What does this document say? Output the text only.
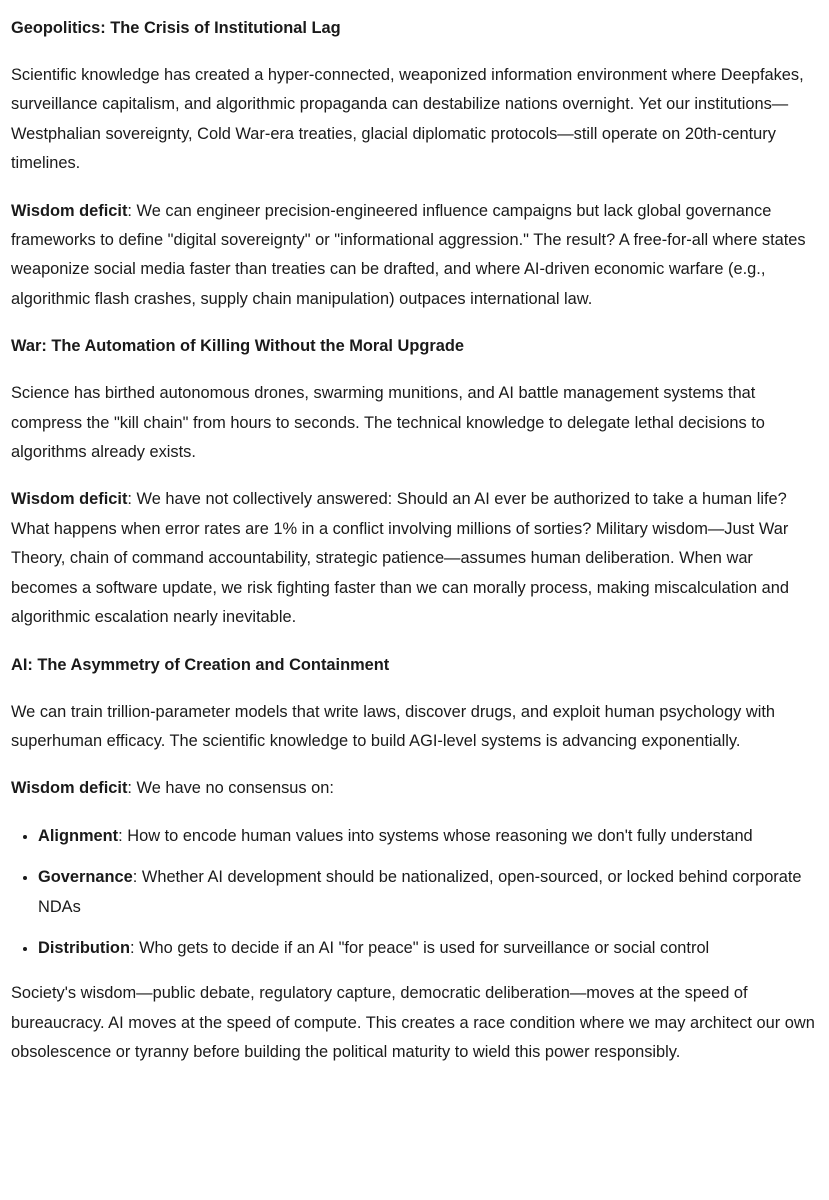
Geopolitics: The Crisis of Institutional Lag

Scientific knowledge has created a hyper-connected, weaponized information environment where Deepfakes, surveillance capitalism, and algorithmic propaganda can destabilize nations overnight. Yet our institutions—Westphalian sovereignty, Cold War-era treaties, glacial diplomatic protocols—still operate on 20th-century timelines.

Wisdom deficit: We can engineer precision-engineered influence campaigns but lack global governance frameworks to define "digital sovereignty" or "informational aggression." The result? A free-for-all where states weaponize social media faster than treaties can be drafted, and where AI-driven economic warfare (e.g., algorithmic flash crashes, supply chain manipulation) outpaces international law.

War: The Automation of Killing Without the Moral Upgrade

Science has birthed autonomous drones, swarming munitions, and AI battle management systems that compress the "kill chain" from hours to seconds. The technical knowledge to delegate lethal decisions to algorithms already exists.

Wisdom deficit: We have not collectively answered: Should an AI ever be authorized to take a human life? What happens when error rates are 1% in a conflict involving millions of sorties? Military wisdom—Just War Theory, chain of command accountability, strategic patience—assumes human deliberation. When war becomes a software update, we risk fighting faster than we can morally process, making miscalculation and algorithmic escalation nearly inevitable.

AI: The Asymmetry of Creation and Containment

We can train trillion-parameter models that write laws, discover drugs, and exploit human psychology with superhuman efficacy. The scientific knowledge to build AGI-level systems is advancing exponentially.

Wisdom deficit: We have no consensus on:

• Alignment: How to encode human values into systems whose reasoning we don't fully understand
• Governance: Whether AI development should be nationalized, open-sourced, or locked behind corporate NDAs
• Distribution: Who gets to decide if an AI "for peace" is used for surveillance or social control

Society's wisdom—public debate, regulatory capture, democratic deliberation—moves at the speed of bureaucracy. AI moves at the speed of compute. This creates a race condition where we may architect our own obsolescence or tyranny before building the political maturity to wield this power responsibly.
